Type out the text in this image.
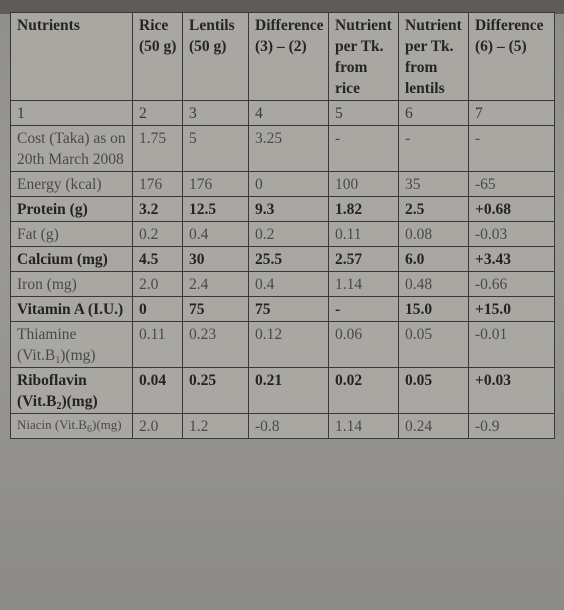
Nutrients	Rice (50 g)	Lentils (50 g)	Difference (3) – (2)	Nutrient per Tk. from rice	Nutrient per Tk. from lentils	Difference (6) – (5)
1	2	3	4	5	6	7
Cost (Taka) as on 20th March 2008	1.75	5	3.25	-	-	-
Energy (kcal)	176	176	0	100	35	-65
Protein (g)	3.2	12.5	9.3	1.82	2.5	+0.68
Fat (g)	0.2	0.4	0.2	0.11	0.08	-0.03
Calcium (mg)	4.5	30	25.5	2.57	6.0	+3.43
Iron (mg)	2.0	2.4	0.4	1.14	0.48	-0.66
Vitamin A (I.U.)	0	75	75	-	15.0	+15.0
Thiamine $(Vit.B_1)(mg)$	0.11	0.23	0.12	0.06	0.05	-0.01
Riboflavin $(Vit.B_2)(mg)$	0.04	0.25	0.21	0.02	0.05	+0.03
Niacin $(Vit.B_6)(mg)$	2.0	1.2	-0.8	1.14	0.24	-0.9
